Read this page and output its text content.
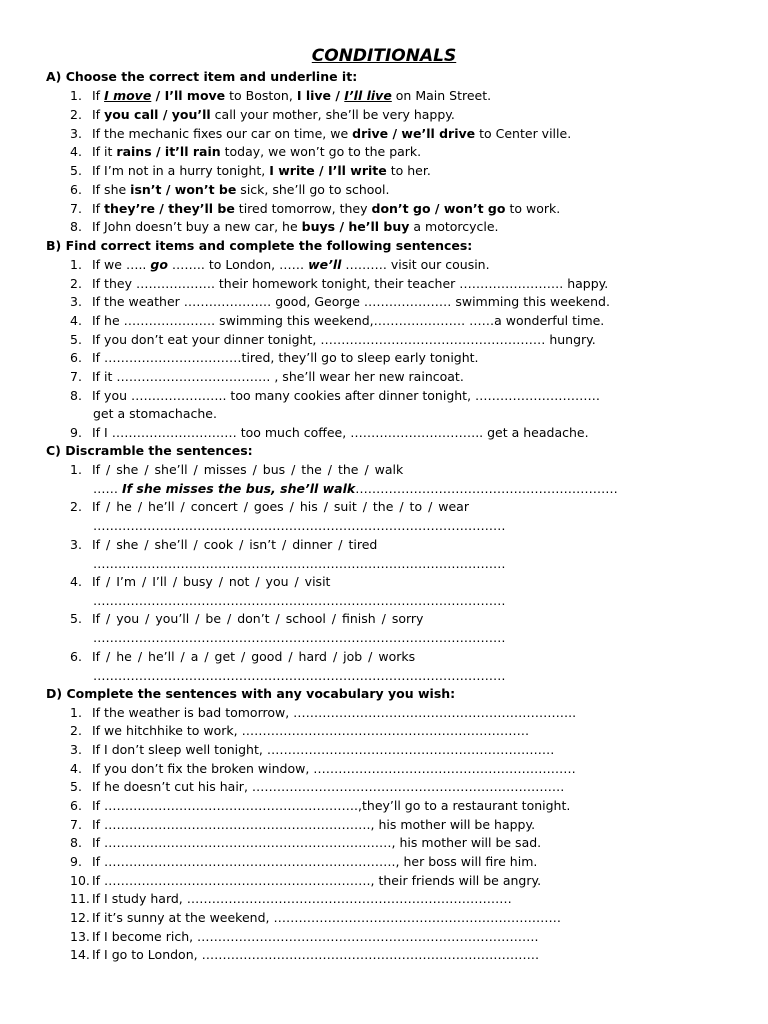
CONDITIONALS
A) Choose the correct item and underline it:
1. If I move / I’ll move to Boston, I live / I’ll live on Main Street.
2. If you call / you’ll call your mother, she’ll be very happy.
3. If the mechanic fixes our car on time, we drive / we’ll drive to Center ville.
4. If it rains / it’ll rain today, we won’t go to the park.
5. If I’m not in a hurry tonight, I write / I’ll write to her.
6. If she isn’t / won’t be sick, she’ll go to school.
7. If they’re / they’ll be tired tomorrow, they don’t go / won’t go to work.
8. If John doesn’t buy a new car, he buys / he’ll buy a motorcycle.
B) Find correct items and complete the following sentences:
1. If we ….. go …….. to London, …… we’ll ………. visit our cousin.
2. If they ………………. their homework tonight, their teacher ……………………. happy.
3. If the weather ………………… good, George ………………… swimming this weekend.
4. If he …………………. swimming this weekend,…………………. ……a wonderful time.
5. If you don’t eat your dinner tonight, ……………………………………………… hungry.
6. If ……………………………tired, they’ll go to sleep early tonight.
7. If it ………………………………. , she’ll wear her new raincoat.
8. If you ………………….. too many cookies after dinner tonight, …………………………
get a stomachache.
9. If I ………………………… too much coffee, ………………………….. get a headache.
C) Discramble the sentences:
1. If / she / she’ll / misses / bus / the / the / walk
…… If she misses the bus, she’ll walk………………………………………………………
2. If / he / he’ll / concert / goes / his / suit / the / to / wear
………………………………………………………………………………………
3. If / she / she’ll / cook / isn’t / dinner / tired
………………………………………………………………………………………
4. If / I’m / I’ll / busy / not / you / visit
………………………………………………………………………………………
5. If / you / you’ll / be / don’t / school / finish / sorry
………………………………………………………………………………………
6. If / he / he’ll / a / get / good / hard / job / works
………………………………………………………………………………………
D) Complete the sentences with any vocabulary you wish:
1. If the weather is bad tomorrow, …………………………………………………………..
2. If we hitchhike to work, ……………………………………………………………
3. If I don’t sleep well tonight, ……………………………………………………………
4. If you don’t fix the broken window, ………………………………………………………
5. If he doesn’t cut his hair, …………………………………………………………………
6. If …………………………………………………….,they’ll go to a restaurant tonight.
7. If ………………………………………………………., his mother will be happy.
8. If ……………………………………………………………, his mother will be sad.
9. If ……………………………………………………………., her boss will fire him.
10. If ………………………………………………………., their friends will be angry.
11. If I study hard, ……………………………………………………………………
12. If it’s sunny at the weekend, ……………………………………………………………
13. If I become rich, ……………………………………………………………………….
14. If I go to London, ………………………………………………………………………
